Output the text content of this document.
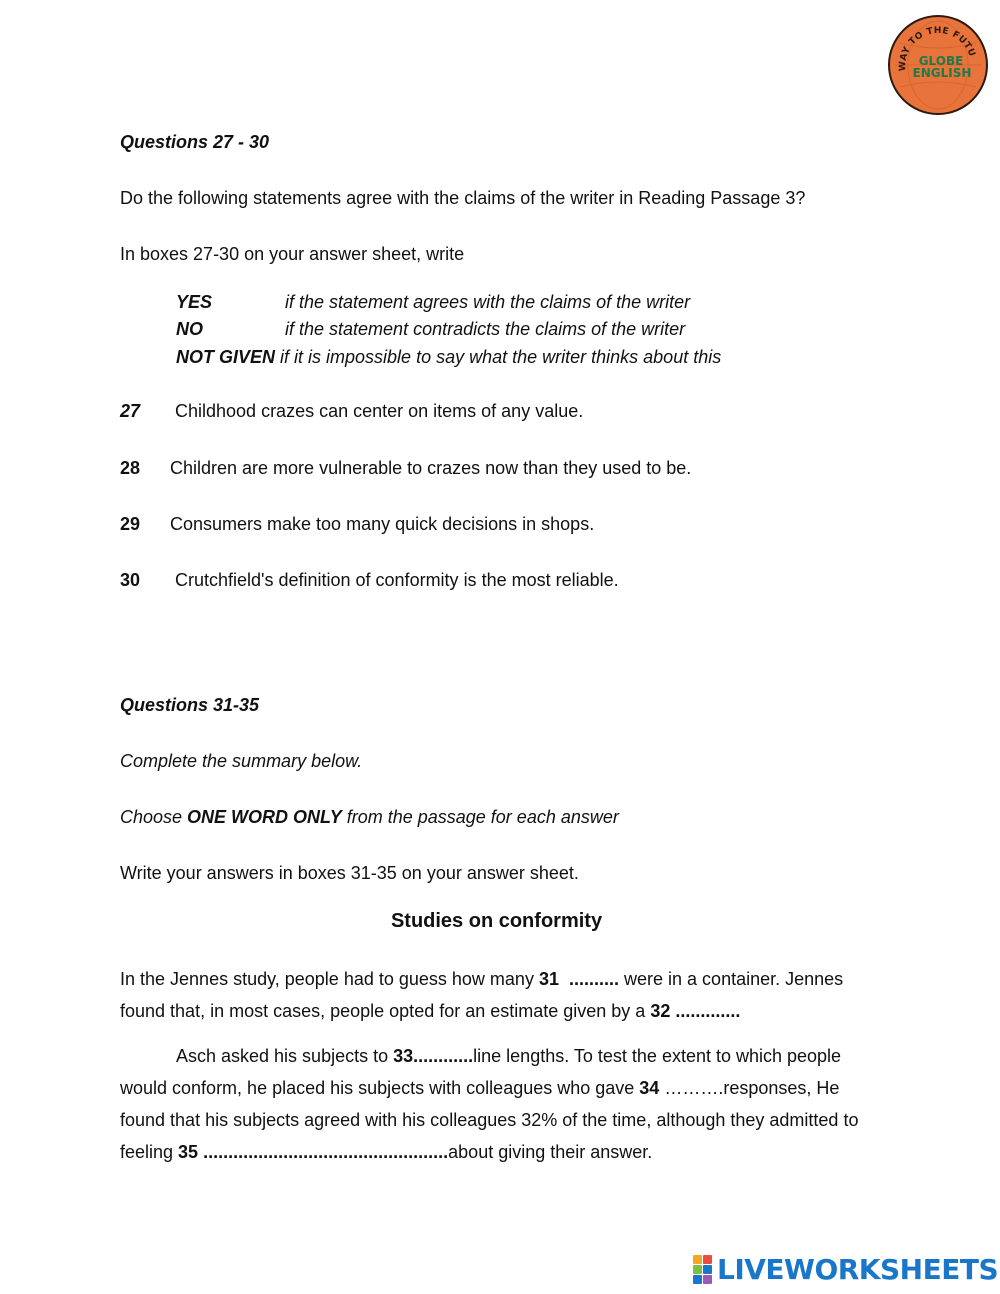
WAY TO THE FUTU
GLOBE
ENGLISH
Questions 27 - 30
Do the following statements agree with the claims of the writer in Reading Passage 3?
In boxes 27-30 on your answer sheet, write
YES	if the statement agrees with the claims of the writer
NO	if the statement contradicts the claims of the writer
NOT GIVEN if it is impossible to say what the writer thinks about this
27 Childhood crazes can center on items of any value.
28 Children are more vulnerable to crazes now than they used to be.
29 Consumers make too many quick decisions in shops.
30 Crutchfield's definition of conformity is the most reliable.
Questions 31-35
Complete the summary below.
Choose ONE WORD ONLY from the passage for each answer
Write your answers in boxes 31-35 on your answer sheet.
Studies on conformity

In the Jennes study, people had to guess how many 31 .......... were in a container. Jennes found that, in most cases, people opted for an estimate given by a 32 .............

Asch asked his subjects to 33............line lengths. To test the extent to which people would conform, he placed his subjects with colleagues who gave 34 ……….responses, He found that his subjects agreed with his colleagues 32% of the time, although they admitted to feeling 35 .................................................about giving their answer.

LIVEWORKSHEETS
